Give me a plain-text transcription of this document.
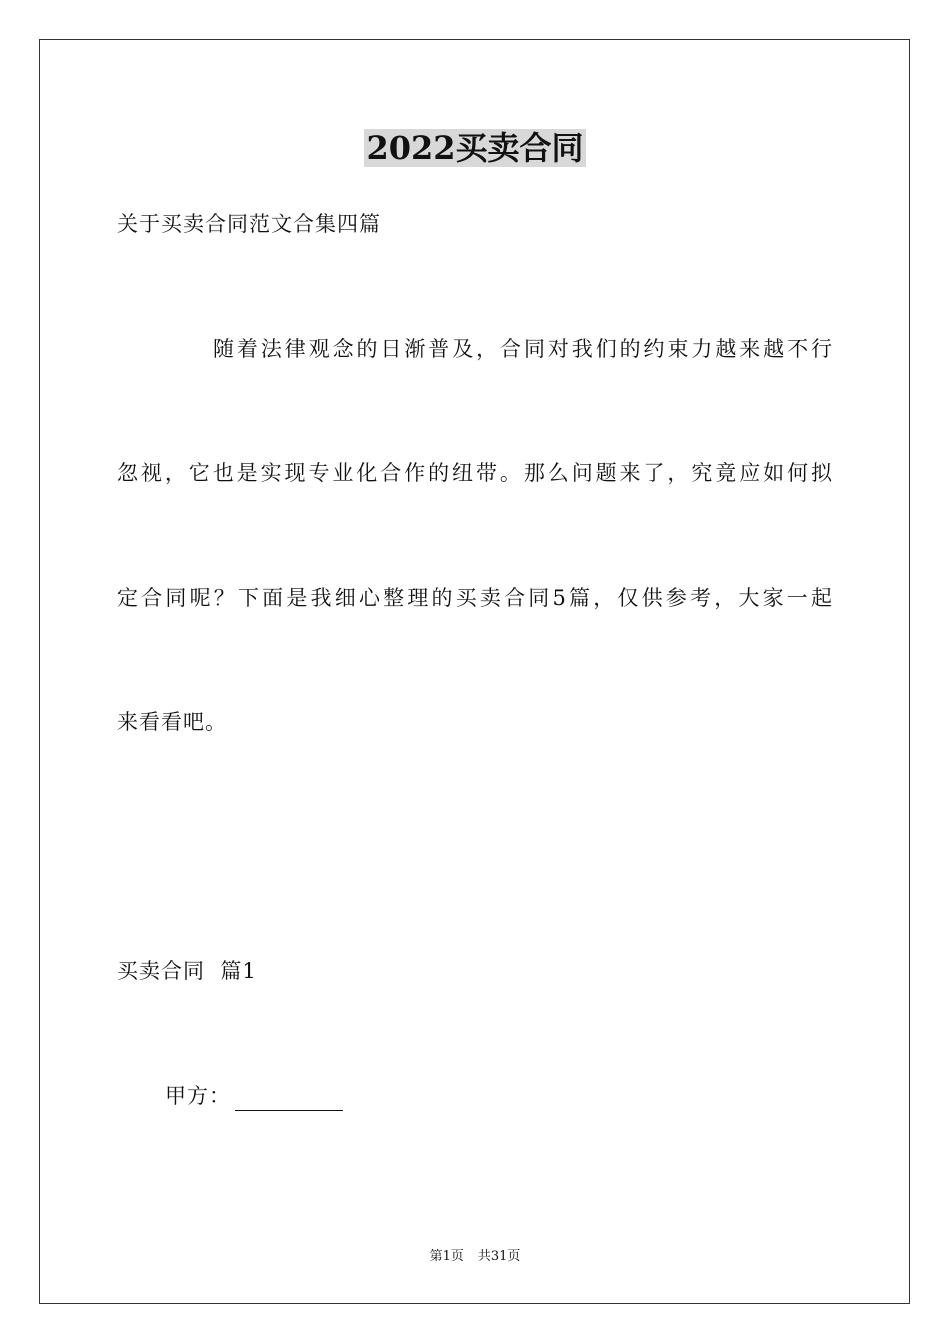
2022买卖合同
关于买卖合同范文合集四篇
随着法律观念的日渐普及，合同对我们的约束力越来越不行
忽视，它也是实现专业化合作的纽带。那么问题来了，究竟应如何拟
定合同呢？下面是我细心整理的买卖合同5篇，仅供参考，大家一起
来看看吧。
买卖合同  篇1
甲方：
第1页 共31页
